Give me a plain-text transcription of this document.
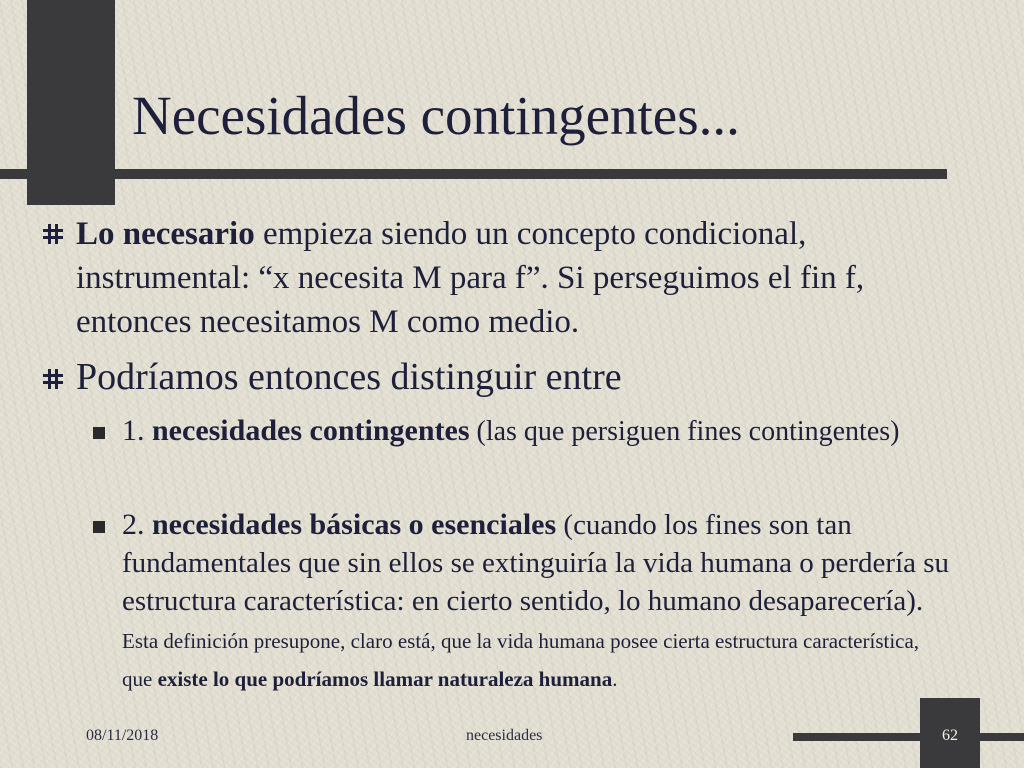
Necesidades contingentes...
Lo necesario empieza siendo un concepto condicional, instrumental: “x necesita M para f”. Si perseguimos el fin f, entonces necesitamos M como medio.
Podríamos entonces distinguir entre
1. necesidades contingentes (las que persiguen fines contingentes)
2. necesidades básicas o esenciales (cuando los fines son tan fundamentales que sin ellos se extinguiría la vida humana o perdería su estructura característica: en cierto sentido, lo humano desaparecería). Esta definición presupone, claro está, que la vida humana posee cierta estructura característica, que existe lo que podríamos llamar naturaleza humana.
08/11/2018	necesidades	62
